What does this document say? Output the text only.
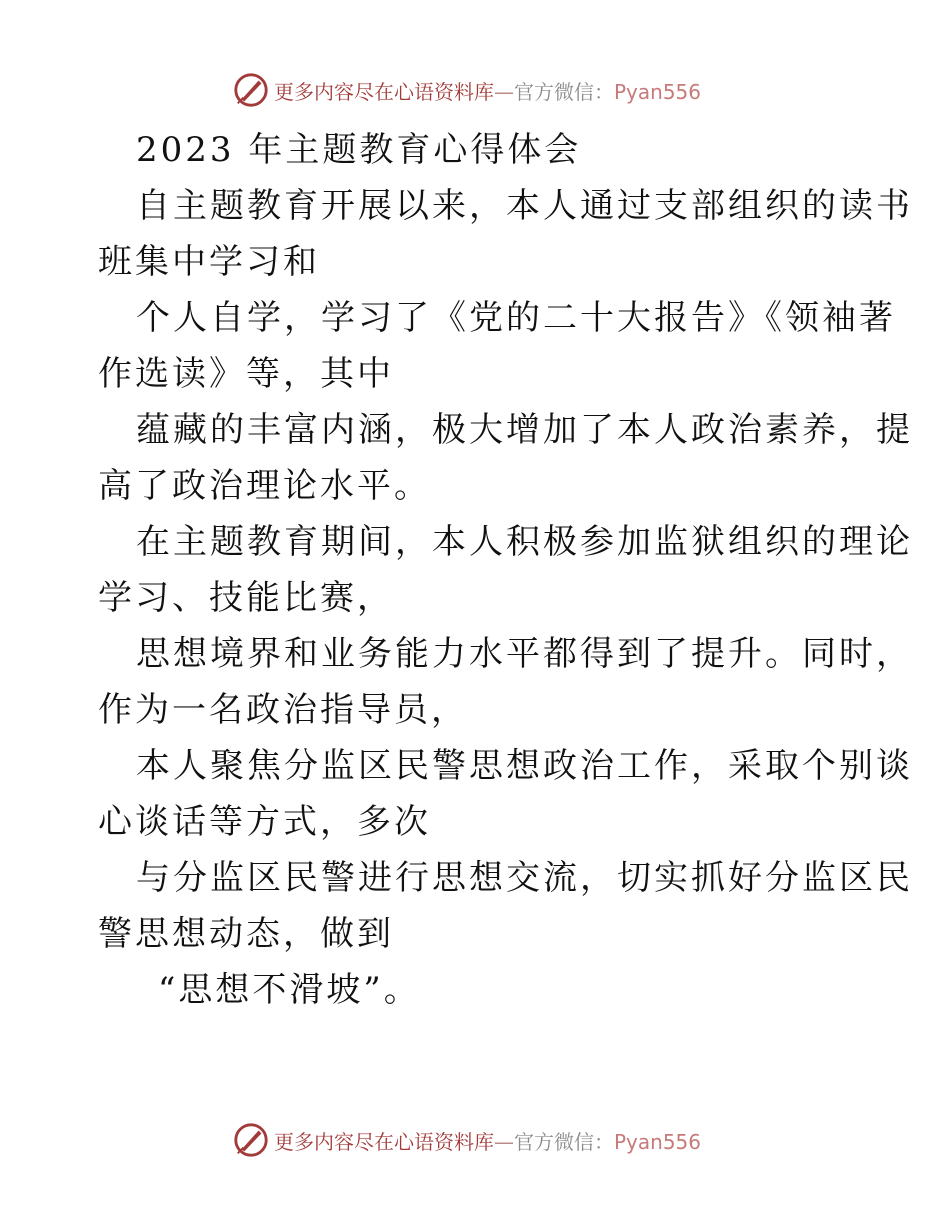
更多内容尽在心语资料库—官方微信：Pyan556
2023 年主题教育心得体会
自主题教育开展以来，本人通过支部组织的读书
班集中学习和
个人自学，学习了《党的二十大报告》《领袖著
作选读》等，其中
蕴藏的丰富内涵，极大增加了本人政治素养，提
高了政治理论水平。
在主题教育期间，本人积极参加监狱组织的理论
学习、技能比赛，
思想境界和业务能力水平都得到了提升。同时，
作为一名政治指导员，
本人聚焦分监区民警思想政治工作，采取个别谈
心谈话等方式，多次
与分监区民警进行思想交流，切实抓好分监区民
警思想动态，做到
“思想不滑坡”。
更多内容尽在心语资料库—官方微信：Pyan556
